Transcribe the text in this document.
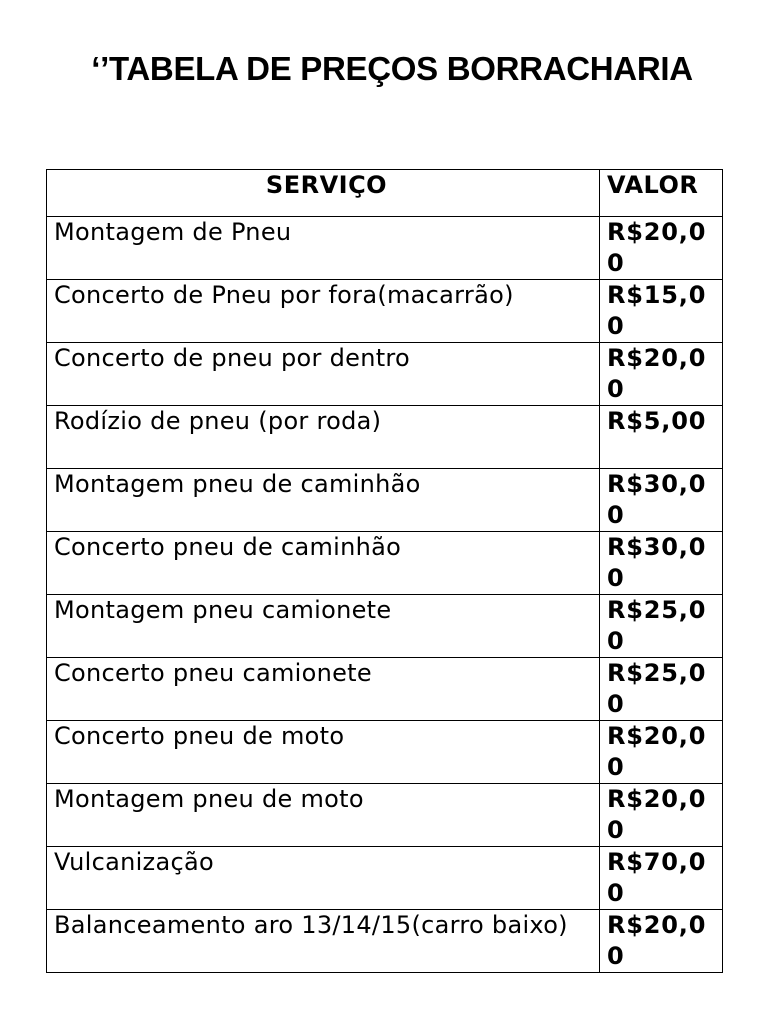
‘’TABELA DE PREÇOS BORRACHARIA
SERVIÇO	VALOR
Montagem de Pneu	R$20,00
Concerto de Pneu por fora(macarrão)	R$15,00
Concerto de pneu por dentro	R$20,00
Rodízio de pneu (por roda)	R$5,00
Montagem pneu de caminhão	R$30,00
Concerto pneu de caminhão	R$30,00
Montagem pneu camionete	R$25,00
Concerto pneu camionete	R$25,00
Concerto pneu de moto	R$20,00
Montagem pneu de moto	R$20,00
Vulcanização	R$70,00
Balanceamento aro 13/14/15(carro baixo)	R$20,00
